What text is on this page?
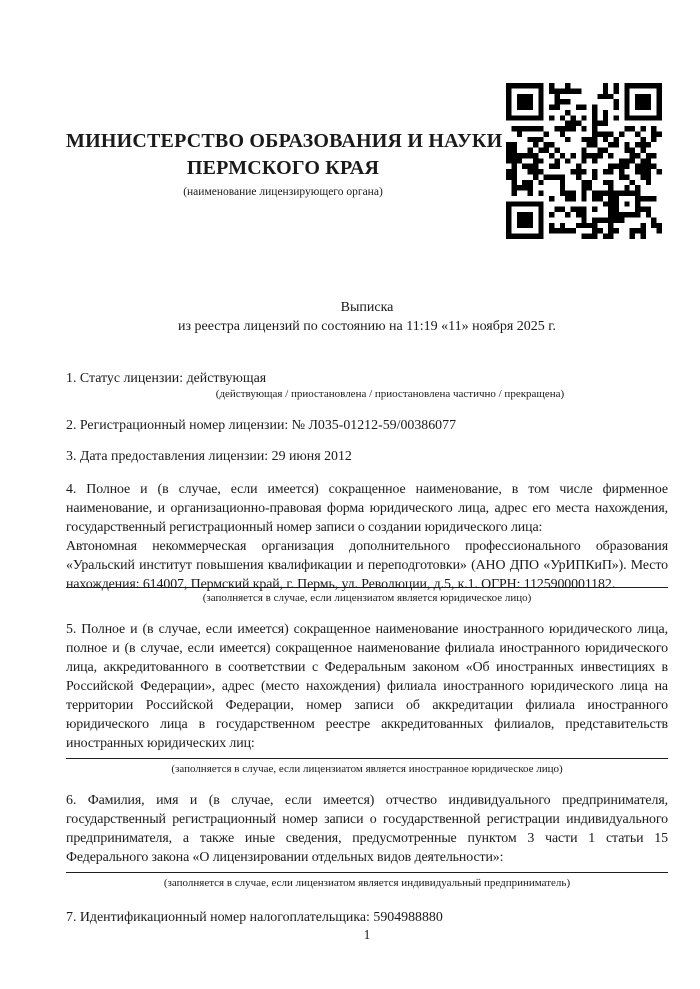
МИНИСТЕРСТВО ОБРАЗОВАНИЯ И НАУКИ
ПЕРМСКОГО КРАЯ
(наименование лицензирующего органа)
Выписка
из реестра лицензий по состоянию на 11:19 «11» ноября 2025 г.
1. Статус лицензии: действующая
(действующая / приостановлена / приостановлена частично / прекращена)
2. Регистрационный номер лицензии: № Л035-01212-59/00386077
3. Дата предоставления лицензии: 29 июня 2012
4. Полное и (в случае, если имеется) сокращенное наименование, в том числе фирменное наименование, и организационно-правовая форма юридического лица, адрес его места нахождения, государственный регистрационный номер записи о создании юридического лица:
Автономная некоммерческая организация дополнительного профессионального образования «Уральский институт повышения квалификации и переподготовки» (АНО ДПО «УрИПКиП»). Место нахождения: 614007, Пермский край, г. Пермь, ул. Революции, д.5, к.1. ОГРН: 1125900001182.
(заполняется в случае, если лицензиатом является юридическое лицо)
5. Полное и (в случае, если имеется) сокращенное наименование иностранного юридического лица, полное и (в случае, если имеется) сокращенное наименование филиала иностранного юридического лица, аккредитованного в соответствии с Федеральным законом «Об иностранных инвестициях в Российской Федерации», адрес (место нахождения) филиала иностранного юридического лица на территории Российской Федерации, номер записи об аккредитации филиала иностранного юридического лица в государственном реестре аккредитованных филиалов, представительств иностранных юридических лиц:
(заполняется в случае, если лицензиатом является иностранное юридическое лицо)
6. Фамилия, имя и (в случае, если имеется) отчество индивидуального предпринимателя, государственный регистрационный номер записи о государственной регистрации индивидуального предпринимателя, а также иные сведения, предусмотренные пунктом 3 части 1 статьи 15 Федерального закона «О лицензировании отдельных видов деятельности»:
(заполняется в случае, если лицензиатом является индивидуальный предприниматель)
7. Идентификационный номер налогоплательщика: 5904988880
1
